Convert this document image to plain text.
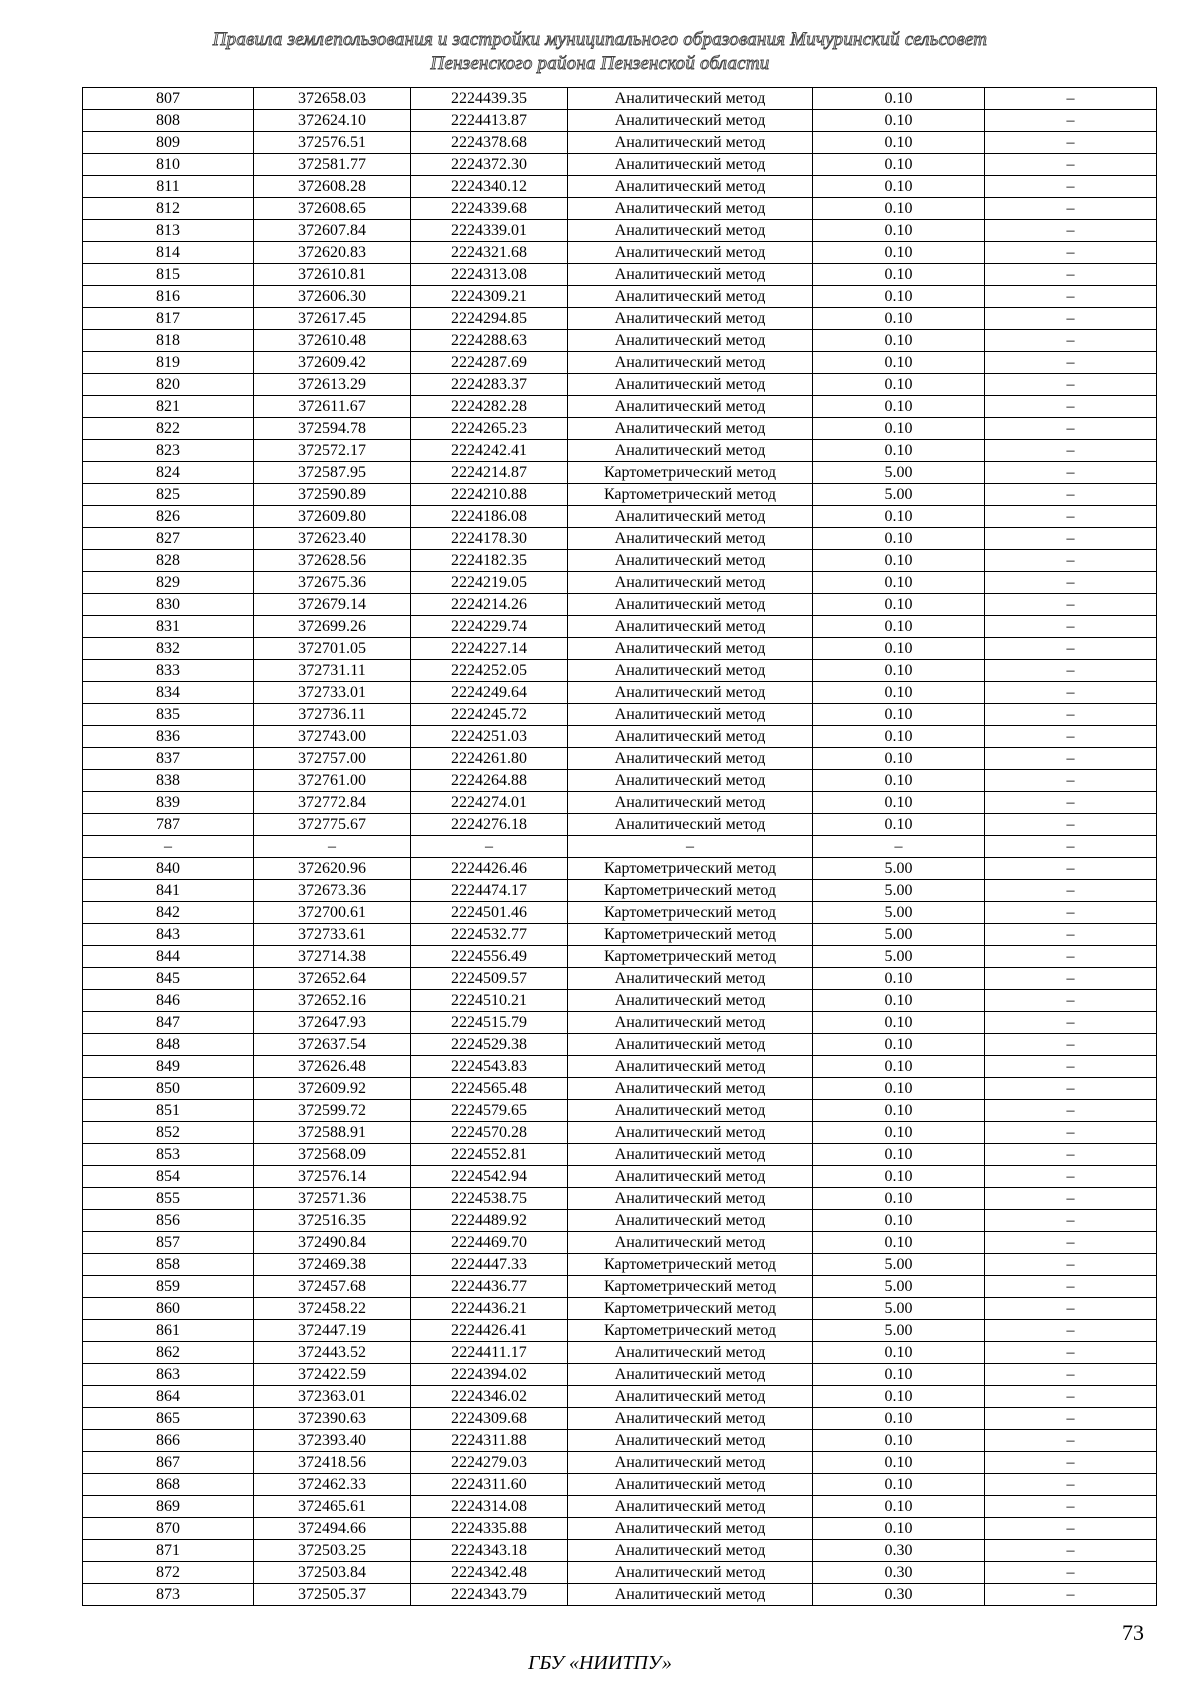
Правила землепользования и застройки муниципального образования Мичуринский сельсовет
Пензенского района Пензенской области
807	372658.03	2224439.35	Аналитический метод	0.10	–
808	372624.10	2224413.87	Аналитический метод	0.10	–
809	372576.51	2224378.68	Аналитический метод	0.10	–
810	372581.77	2224372.30	Аналитический метод	0.10	–
811	372608.28	2224340.12	Аналитический метод	0.10	–
812	372608.65	2224339.68	Аналитический метод	0.10	–
813	372607.84	2224339.01	Аналитический метод	0.10	–
814	372620.83	2224321.68	Аналитический метод	0.10	–
815	372610.81	2224313.08	Аналитический метод	0.10	–
816	372606.30	2224309.21	Аналитический метод	0.10	–
817	372617.45	2224294.85	Аналитический метод	0.10	–
818	372610.48	2224288.63	Аналитический метод	0.10	–
819	372609.42	2224287.69	Аналитический метод	0.10	–
820	372613.29	2224283.37	Аналитический метод	0.10	–
821	372611.67	2224282.28	Аналитический метод	0.10	–
822	372594.78	2224265.23	Аналитический метод	0.10	–
823	372572.17	2224242.41	Аналитический метод	0.10	–
824	372587.95	2224214.87	Картометрический метод	5.00	–
825	372590.89	2224210.88	Картометрический метод	5.00	–
826	372609.80	2224186.08	Аналитический метод	0.10	–
827	372623.40	2224178.30	Аналитический метод	0.10	–
828	372628.56	2224182.35	Аналитический метод	0.10	–
829	372675.36	2224219.05	Аналитический метод	0.10	–
830	372679.14	2224214.26	Аналитический метод	0.10	–
831	372699.26	2224229.74	Аналитический метод	0.10	–
832	372701.05	2224227.14	Аналитический метод	0.10	–
833	372731.11	2224252.05	Аналитический метод	0.10	–
834	372733.01	2224249.64	Аналитический метод	0.10	–
835	372736.11	2224245.72	Аналитический метод	0.10	–
836	372743.00	2224251.03	Аналитический метод	0.10	–
837	372757.00	2224261.80	Аналитический метод	0.10	–
838	372761.00	2224264.88	Аналитический метод	0.10	–
839	372772.84	2224274.01	Аналитический метод	0.10	–
787	372775.67	2224276.18	Аналитический метод	0.10	–
–	–	–	–	–	–
840	372620.96	2224426.46	Картометрический метод	5.00	–
841	372673.36	2224474.17	Картометрический метод	5.00	–
842	372700.61	2224501.46	Картометрический метод	5.00	–
843	372733.61	2224532.77	Картометрический метод	5.00	–
844	372714.38	2224556.49	Картометрический метод	5.00	–
845	372652.64	2224509.57	Аналитический метод	0.10	–
846	372652.16	2224510.21	Аналитический метод	0.10	–
847	372647.93	2224515.79	Аналитический метод	0.10	–
848	372637.54	2224529.38	Аналитический метод	0.10	–
849	372626.48	2224543.83	Аналитический метод	0.10	–
850	372609.92	2224565.48	Аналитический метод	0.10	–
851	372599.72	2224579.65	Аналитический метод	0.10	–
852	372588.91	2224570.28	Аналитический метод	0.10	–
853	372568.09	2224552.81	Аналитический метод	0.10	–
854	372576.14	2224542.94	Аналитический метод	0.10	–
855	372571.36	2224538.75	Аналитический метод	0.10	–
856	372516.35	2224489.92	Аналитический метод	0.10	–
857	372490.84	2224469.70	Аналитический метод	0.10	–
858	372469.38	2224447.33	Картометрический метод	5.00	–
859	372457.68	2224436.77	Картометрический метод	5.00	–
860	372458.22	2224436.21	Картометрический метод	5.00	–
861	372447.19	2224426.41	Картометрический метод	5.00	–
862	372443.52	2224411.17	Аналитический метод	0.10	–
863	372422.59	2224394.02	Аналитический метод	0.10	–
864	372363.01	2224346.02	Аналитический метод	0.10	–
865	372390.63	2224309.68	Аналитический метод	0.10	–
866	372393.40	2224311.88	Аналитический метод	0.10	–
867	372418.56	2224279.03	Аналитический метод	0.10	–
868	372462.33	2224311.60	Аналитический метод	0.10	–
869	372465.61	2224314.08	Аналитический метод	0.10	–
870	372494.66	2224335.88	Аналитический метод	0.10	–
871	372503.25	2224343.18	Аналитический метод	0.30	–
872	372503.84	2224342.48	Аналитический метод	0.30	–
873	372505.37	2224343.79	Аналитический метод	0.30	–
73
ГБУ «НИИТПУ»
